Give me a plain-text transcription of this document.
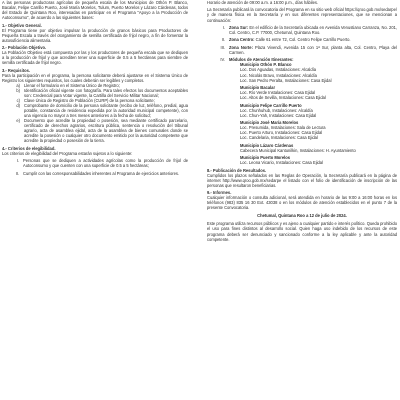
A las personas productoras agrícolas de pequeña escala de los Municipios de Othón P. Blanco, Bacalar, Felipe Carrillo Puerto, José María Morelos, Tulum, Puerto Morelos y Lázaro Cárdenas, todos del Estado de Quintana Roo, interesadas en participar en el Programa "Apoyo a la Producción de Autoconsumo", de acuerdo a las siguientes bases:

1.- Objetivo General.

El Programa tiene por objetivo impulsar la producción de granos básicos para Productores de Pequeña Escala a través del otorgamiento de semilla certificada de frijol negro, a fin de fomentar la autosuficiencia alimentaria.

2.- Población Objetivo.

La Población Objetivo está compuesta por las y los productores de pequeña escala que se dediquen a la producción de frijol y que acrediten tener una superficie de 0.5 a 5 hectáreas para siembre de semilla certificada de frijol negro.

3.- Requisitos.

Para la participación en el programa, la persona solicitante deberá ajustarse en el Sistema Único de Registro los siguientes requisitos, los cuales deberán ser legibles y completos.

a) Llenar el formulario en el Sistema Único de Registro;
b) Identificación oficial vigente con fotografía. Para tales efectos los documentos aceptables son: Credencial para Votar vigente, la Cartilla del Servicio Militar Nacional;
c) Clave Única de Registro de Población (CURP) de la persona solicitante;
d) Comprobante de domicilio de la persona solicitante (recibo de luz, teléfono, predial, agua potable, constancia de residencia expedida por la autoridad municipal competente), con una vigencia no mayor a tres meses anteriores a la fecha de solicitud;
e) Documento que acredite la propiedad o posesión, sea mediante certificado parcelario, certificado de derechos agrarios, escritura pública, sentencia o resolución del tribunal agrario, acta de asamblea ejidal, acta de la asamblea de bienes comunales donde se acredite la posesión o cualquier otro documento emitido por la autoridad competente que acredite la propiedad o posesión de la tierra.

4.- Criterios de elegibilidad.

Los criterios de elegibilidad del Programa estarán sujetos a lo siguiente:

I. Personas que se dediquen a actividades agrícolas como la producción de frijol de Autoconsumo y que cuenten con una superficie de 0.5 a 5 hectáreas;
II. Cumplir con las corresponsabilidades inherentes al Programa de ejercicios anteriores.

Horario de atención de 09:00 a.m. a 16:00 p.m., días hábiles.

La Secretaría publicará la convocatoria del Programa en su sitio web oficial https://qroo.gob.mx/sedarpe/ y de manera física en la Secretaría y en sus diferentes representaciones, que se mencionan a continuación:

I. Zona Sur: En el edificio de la Secretaría ubicada en Avenida Venustiano Carranza, No. 201, Col. Centro, C.P. 77000, Chetumal, Quintana Roo.
II. Zona Centro: Calle 61 entre 72, Col. Centro Felipe Carrillo Puerto.
III. Zona Norte: Plaza Vivendi, Avenida 15 con 1ª Sur, planta alta, Col. Centro, Playa del Carmen.
IV. Módulos de Atención Itinerantes:

Municipio Othón P. Blanco

Loc. Dos Aguadas, Instalaciones: Alcaldía

Loc. Nicolás Bravo, Instalaciones: Alcaldía

Loc. San Pedro Peralta, Instalaciones: Casa Ejidal

Municipio Bacalar

Loc. Río Verde Instalaciones: Casa Ejidal

Loc. Altos de Sevilla, Instalaciones: Casa Ejidal

Municipio Felipe Carrillo Puerto

Loc. Chunhuhub, Instalaciones: Alcaldía

Loc. Chun-Yah, Instalaciones: Casa Ejidal

Municipio José María Morelos

Loc. Presumida, Instalaciones: Sala de Lectura

Loc. Puerto Arturo, Instalaciones: Casa Ejidal

Loc. Candelaria, Instalaciones: Casa Ejidal

Municipio Lázaro Cárdenas

Cabecera Municipal Kantunilkin, Instalaciones: H. Ayuntamiento

Municipio Puerto Morelos

Loc. Leona Vicario, Instalaciones: Casa Ejidal

8.- Publicación de Resultados.

Cumplidos los plazos señalados en las Reglas de Operación, la Secretaría publicará en la página de internet http://www.qroo.gob.mx/sedarpe el listado con el folio de identificación de inscripción de las personas que resultaron beneficiarias.

9.- Informes.

Cualquier información o consulta adicional, será atendida en horario de las 9:00 a 16:00 horas en los teléfonos (983) 835 16 30 Ext. 43038 o en los módulos de atención establecidos en el punto 7 de la presente Convocatoria.

Chetumal, Quintana Roo a 12 de julio de 2024.

Este programa utiliza recursos públicos y es ajeno a cualquier partido e interés político. Queda prohibido el uso para fines distintos al desarrollo social. Quien haga uso indebido de los recursos de este programa deberá ser denunciado y sancionado conforme a la ley aplicable y ante la autoridad competente.
